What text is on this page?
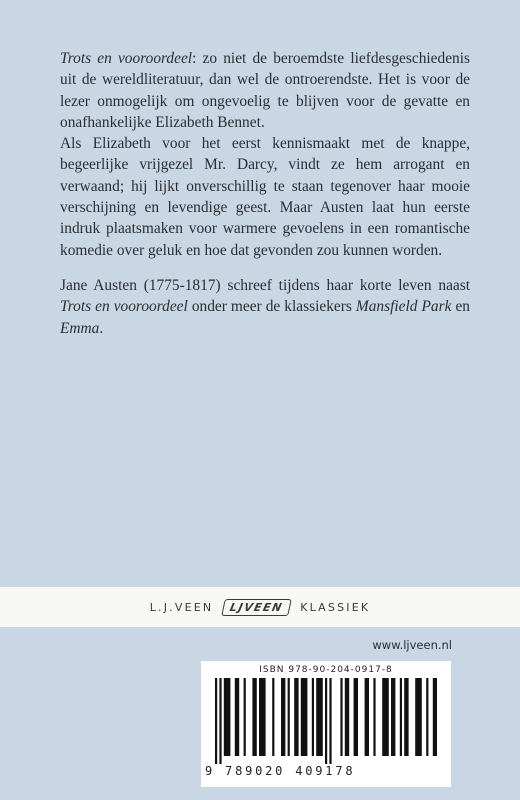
Trots en vooroordeel: zo niet de beroemdste liefdesgeschiedenis uit de wereldliteratuur, dan wel de ontroerendste. Het is voor de lezer onmogelijk om ongevoelig te blijven voor de gevatte en onafhankelijke Elizabeth Bennet.

Als Elizabeth voor het eerst kennismaakt met de knappe, begeerlijke vrijgezel Mr. Darcy, vindt ze hem arrogant en verwaand; hij lijkt onverschillig te staan tegenover haar mooie verschijning en levendige geest. Maar Austen laat hun eerste indruk plaatsmaken voor warmere gevoelens in een romantische komedie over geluk en hoe dat gevonden zou kunnen worden.

Jane Austen (1775-1817) schreef tijdens haar korte leven naast Trots en vooroordeel onder meer de klassiekers Mansfield Park en Emma.

L.J.VEEN	LJVEEN	KLASSIEK
www.ljveen.nl
ISBN 978-90-204-0917-8
9 789020 409178
